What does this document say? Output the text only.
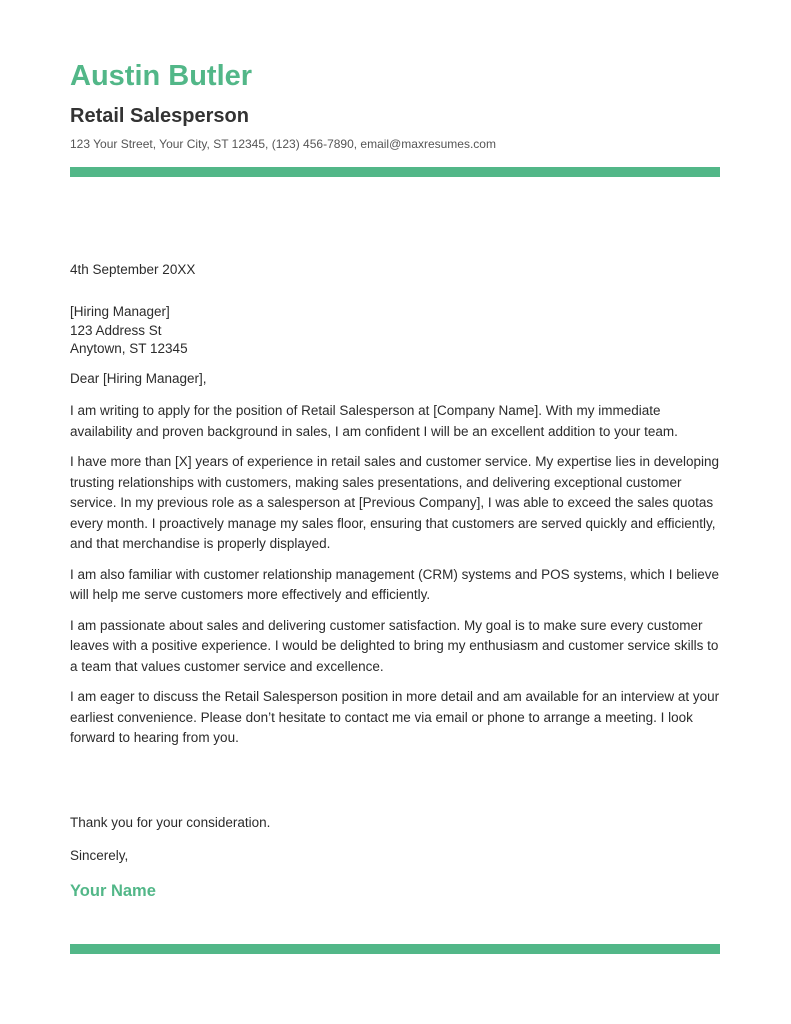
Austin Butler
Retail Salesperson
123 Your Street, Your City, ST 12345, (123) 456-7890, email@maxresumes.com
4th September 20XX
[Hiring Manager]
123 Address St
Anytown, ST 12345
Dear [Hiring Manager],

I am writing to apply for the position of Retail Salesperson at [Company Name]. With my immediate availability and proven background in sales, I am confident I will be an excellent addition to your team.

I have more than [X] years of experience in retail sales and customer service. My expertise lies in developing trusting relationships with customers, making sales presentations, and delivering exceptional customer service. In my previous role as a salesperson at [Previous Company], I was able to exceed the sales quotas every month. I proactively manage my sales floor, ensuring that customers are served quickly and efficiently, and that merchandise is properly displayed.

I am also familiar with customer relationship management (CRM) systems and POS systems, which I believe will help me serve customers more effectively and efficiently.

I am passionate about sales and delivering customer satisfaction. My goal is to make sure every customer leaves with a positive experience. I would be delighted to bring my enthusiasm and customer service skills to a team that values customer service and excellence.

I am eager to discuss the Retail Salesperson position in more detail and am available for an interview at your earliest convenience. Please don’t hesitate to contact me via email or phone to arrange a meeting. I look forward to hearing from you.

Thank you for your consideration.
Sincerely,
Your Name
